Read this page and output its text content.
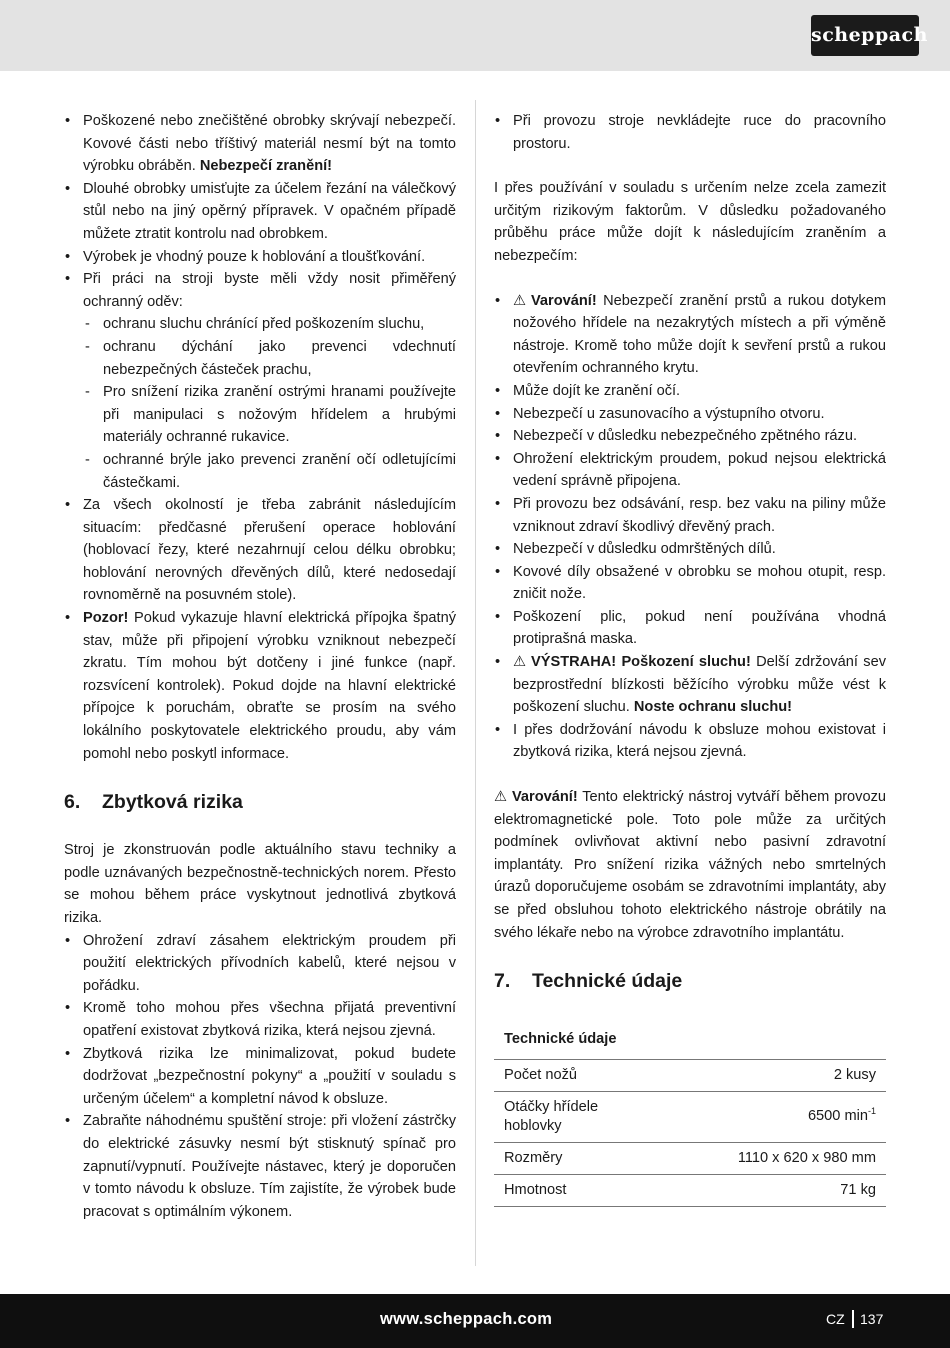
scheppach
• Poškozené nebo znečištěné obrobky skrývají nebezpečí. Kovové části nebo tříštivý materiál nesmí být na tomto výrobku obráběn. Nebezpečí zranění!
• Dlouhé obrobky umisťujte za účelem řezání na válečkový stůl nebo na jiný opěrný přípravek. V opačném případě můžete ztratit kontrolu nad obrobkem.
• Výrobek je vhodný pouze k hoblování a tloušťkování.
• Při práci na stroji byste měli vždy nosit přiměřený ochranný oděv:
- ochranu sluchu chránící před poškozením sluchu,
- ochranu dýchání jako prevenci vdechnutí nebezpečných částeček prachu,
- Pro snížení rizika zranění ostrými hranami používejte při manipulaci s nožovým hřídelem a hrubými materiály ochranné rukavice.
- ochranné brýle jako prevenci zranění očí odletujícími částečkami.
• Za všech okolností je třeba zabránit následujícím situacím: předčasné přerušení operace hoblování (hoblovací řezy, které nezahrnují celou délku obrobku; hoblování nerovných dřevěných dílů, které nedosedají rovnoměrně na posuvném stole).
• Pozor! Pokud vykazuje hlavní elektrická přípojka špatný stav, může při připojení výrobku vzniknout nebezpečí zkratu. Tím mohou být dotčeny i jiné funkce (např. rozsvícení kontrolek). Pokud dojde na hlavní elektrické přípojce k poruchám, obraťte se prosím na svého lokálního poskytovatele elektrického proudu, aby vám pomohl nebo poskytl informace.
6.	Zbytková rizika

Stroj je zkonstruován podle aktuálního stavu techniky a podle uznávaných bezpečnostně-technických norem. Přesto se mohou během práce vyskytnout jednotlivá zbytková rizika.

• Ohrožení zdraví zásahem elektrickým proudem při použití elektrických přívodních kabelů, které nejsou v pořádku.
• Kromě toho mohou přes všechna přijatá preventivní opatření existovat zbytková rizika, která nejsou zjevná.
• Zbytková rizika lze minimalizovat, pokud budete dodržovat „bezpečnostní pokyny“ a „použití v souladu s určeným účelem“ a kompletní návod k obsluze.
• Zabraňte náhodnému spuštění stroje: při vložení zástrčky do elektrické zásuvky nesmí být stisknutý spínač pro zapnutí/vypnutí. Používejte nástavec, který je doporučen v tomto návodu k obsluze. Tím zajistíte, že výrobek bude pracovat s optimálním výkonem.
• Při provozu stroje nevkládejte ruce do pracovního prostoru.

I přes používání v souladu s určením nelze zcela zamezit určitým rizikovým faktorům. V důsledku požadovaného průběhu práce může dojít k následujícím zraněním a nebezpečím:

• ⚠ Varování! Nebezpečí zranění prstů a rukou dotykem nožového hřídele na nezakrytých místech a při výměně nástroje. Kromě toho může dojít k sevření prstů a rukou otevřením ochranného krytu.
• Může dojít ke zranění očí.
• Nebezpečí u zasunovacího a výstupního otvoru.
• Nebezpečí v důsledku nebezpečného zpětného rázu.
• Ohrožení elektrickým proudem, pokud nejsou elektrická vedení správně připojena.
• Při provozu bez odsávání, resp. bez vaku na piliny může vzniknout zdraví škodlivý dřevěný prach.
• Nebezpečí v důsledku odmrštěných dílů.
• Kovové díly obsažené v obrobku se mohou otupit, resp. zničit nože.
• Poškození plic, pokud není používána vhodná protiprašná maska.
• ⚠ VÝSTRAHA! Poškození sluchu! Delší zdržování sev bezprostřední blízkosti běžícího výrobku může vést k poškození sluchu. Noste ochranu sluchu!
• I přes dodržování návodu k obsluze mohou existovat i zbytková rizika, která nejsou zjevná.

⚠ Varování! Tento elektrický nástroj vytváří během provozu elektromagnetické pole. Toto pole může za určitých podmínek ovlivňovat aktivní nebo pasivní zdravotní implantáty. Pro snížení rizika vážných nebo smrtelných úrazů doporučujeme osobám se zdravotními implantáty, aby se před obsluhou tohoto elektrického nástroje obrátily na svého lékaře nebo na výrobce zdravotního implantátu.

7.	Technické údaje
Technické údaje	
Počet nožů	2 kusy
Otáčky hřídele hoblovky	6500 $\min^{-1}$
Rozměry	1110 x 620 x 980 mm
Hmotnost	71 kg
www.scheppach.com	CZ 137
